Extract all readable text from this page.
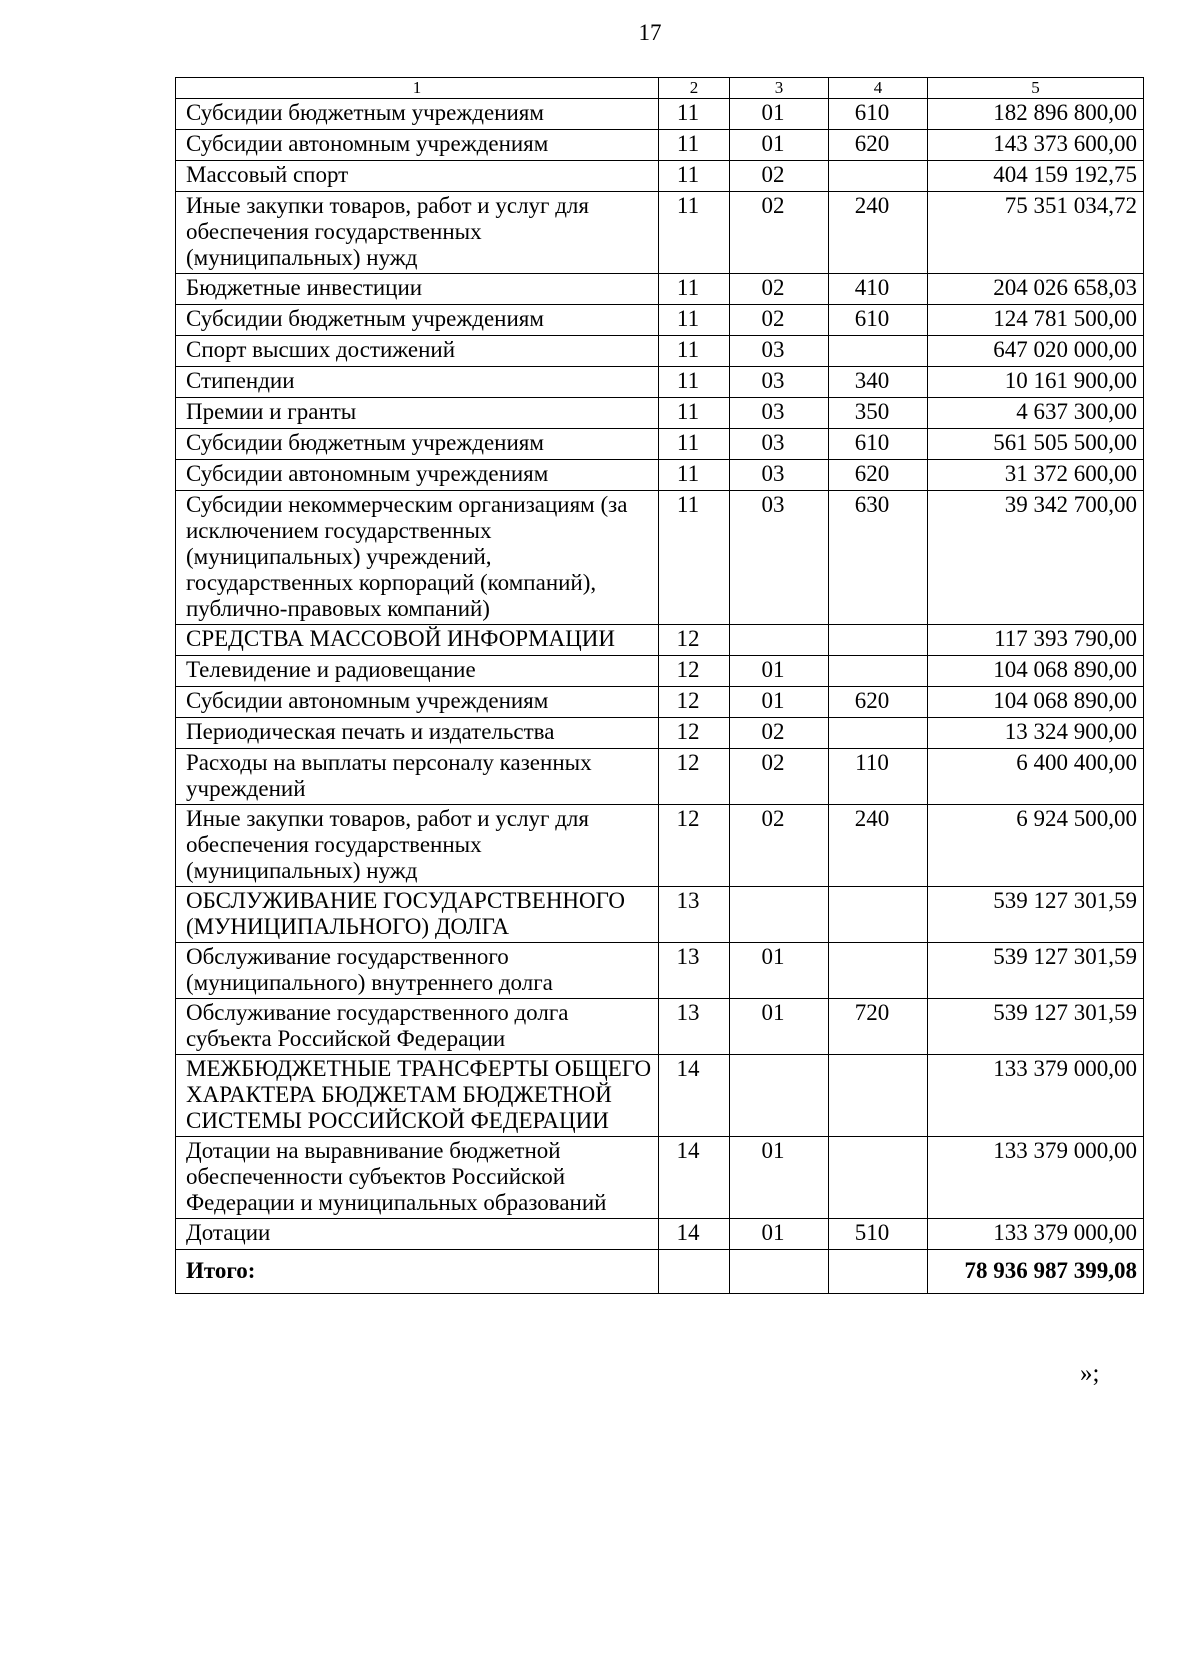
17
1	2	3	4	5
Субсидии бюджетным учреждениям	11	01	610	182 896 800,00
Субсидии автономным учреждениям	11	01	620	143 373 600,00
Массовый спорт	11	02		404 159 192,75
Иные закупки товаров, работ и услуг для обеспечения государственных (муниципальных) нужд	11	02	240	75 351 034,72
Бюджетные инвестиции	11	02	410	204 026 658,03
Субсидии бюджетным учреждениям	11	02	610	124 781 500,00
Спорт высших достижений	11	03		647 020 000,00
Стипендии	11	03	340	10 161 900,00
Премии и гранты	11	03	350	4 637 300,00
Субсидии бюджетным учреждениям	11	03	610	561 505 500,00
Субсидии автономным учреждениям	11	03	620	31 372 600,00
Субсидии некоммерческим организациям (за исключением государственных (муниципальных) учреждений, государственных корпораций (компаний), публично-правовых компаний)	11	03	630	39 342 700,00
СРЕДСТВА МАССОВОЙ ИНФОРМАЦИИ	12			117 393 790,00
Телевидение и радиовещание	12	01		104 068 890,00
Субсидии автономным учреждениям	12	01	620	104 068 890,00
Периодическая печать и издательства	12	02		13 324 900,00
Расходы на выплаты персоналу казенных учреждений	12	02	110	6 400 400,00
Иные закупки товаров, работ и услуг для обеспечения государственных (муниципальных) нужд	12	02	240	6 924 500,00
ОБСЛУЖИВАНИЕ ГОСУДАРСТВЕННОГО (МУНИЦИПАЛЬНОГО) ДОЛГА	13			539 127 301,59
Обслуживание государственного (муниципального) внутреннего долга	13	01		539 127 301,59
Обслуживание государственного долга субъекта Российской Федерации	13	01	720	539 127 301,59
МЕЖБЮДЖЕТНЫЕ ТРАНСФЕРТЫ ОБЩЕГО ХАРАКТЕРА БЮДЖЕТАМ БЮДЖЕТНОЙ СИСТЕМЫ РОССИЙСКОЙ ФЕДЕРАЦИИ	14			133 379 000,00
Дотации на выравнивание бюджетной обеспеченности субъектов Российской Федерации и муниципальных образований	14	01		133 379 000,00
Дотации	14	01	510	133 379 000,00
Итого:				78 936 987 399,08
»;
